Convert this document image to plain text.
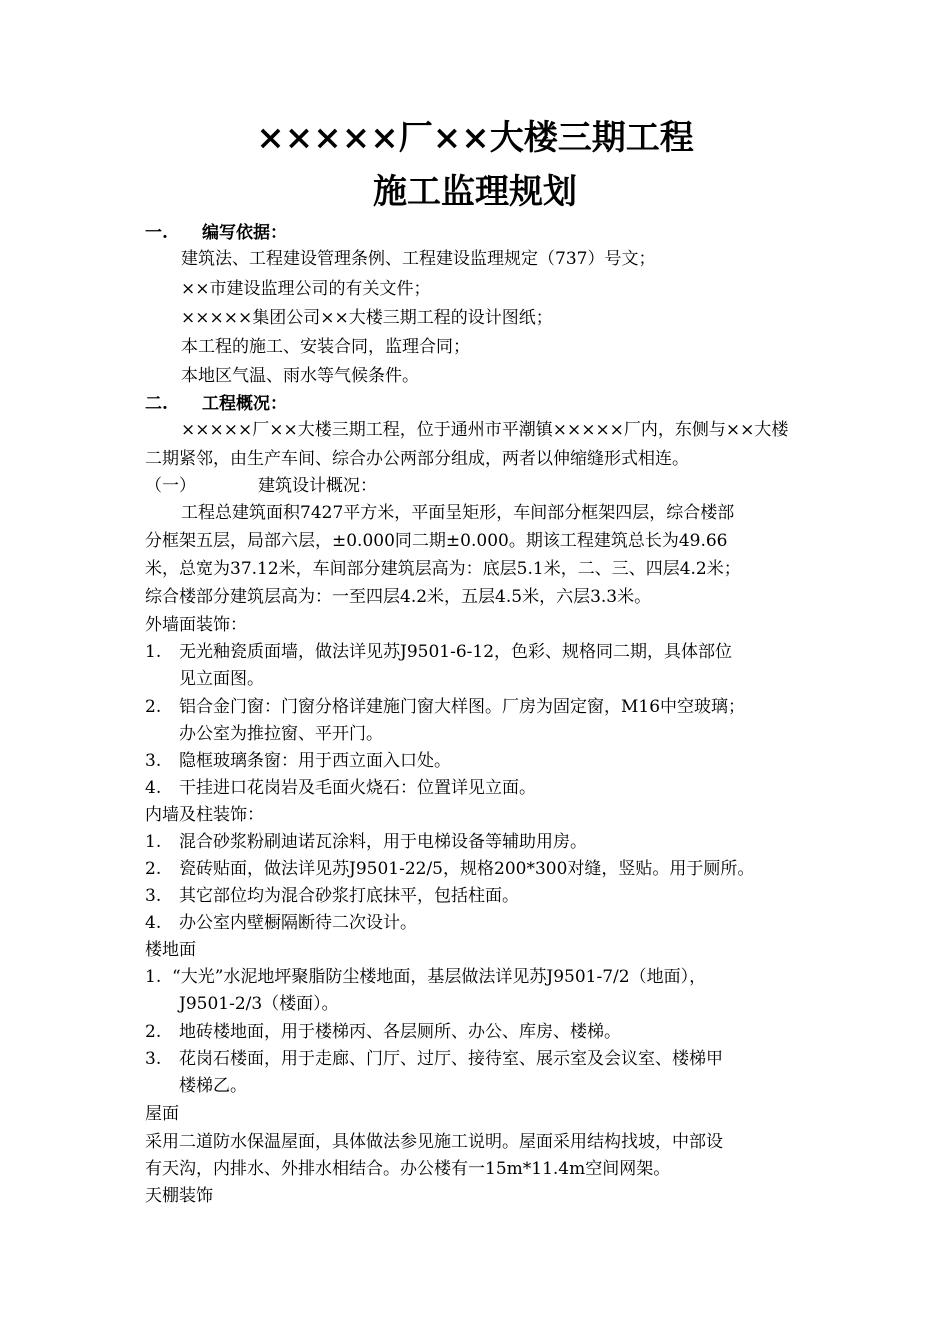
×××××厂××大楼三期工程
施工监理规划
一. 编写依据：
建筑法、工程建设管理条例、工程建设监理规定（737）号文；
××市建设监理公司的有关文件；
×××××集团公司××大楼三期工程的设计图纸；
本工程的施工、安装合同，监理合同；
本地区气温、雨水等气候条件。
二. 工程概况：
×××××厂××大楼三期工程，位于通州市平潮镇×××××厂内，东侧与××大楼
二期紧邻，由生产车间、综合办公两部分组成，两者以伸缩缝形式相连。
（一）	建筑设计概况：
工程总建筑面积7427平方米，平面呈矩形，车间部分框架四层，综合楼部
分框架五层，局部六层，±0.000同二期±0.000。期该工程建筑总长为49.66
米，总宽为37.12米，车间部分建筑层高为：底层5.1米，二、三、四层4.2米；
综合楼部分建筑层高为：一至四层4.2米，五层4.5米，六层3.3米。
外墙面装饰：
1. 无光釉瓷质面墙，做法详见苏J9501-6-12，色彩、规格同二期，具体部位
见立面图。
2. 铝合金门窗：门窗分格详建施门窗大样图。厂房为固定窗，M16中空玻璃；
办公室为推拉窗、平开门。
3. 隐框玻璃条窗：用于西立面入口处。
4. 干挂进口花岗岩及毛面火烧石：位置详见立面。
内墙及柱装饰：
1. 混合砂浆粉刷迪诺瓦涂料，用于电梯设备等辅助用房。
2. 瓷砖贴面，做法详见苏J9501-22/5，规格200*300对缝，竖贴。用于厕所。
3. 其它部位均为混合砂浆打底抹平，包括柱面。
4. 办公室内壁橱隔断待二次设计。
楼地面
1. “大光”水泥地坪聚脂防尘楼地面，基层做法详见苏J9501-7/2（地面），
J9501-2/3（楼面）。
2. 地砖楼地面，用于楼梯丙、各层厕所、办公、库房、楼梯。
3. 花岗石楼面，用于走廊、门厅、过厅、接待室、展示室及会议室、楼梯甲
楼梯乙。
屋面
采用二道防水保温屋面，具体做法参见施工说明。屋面采用结构找坡，中部设
有天沟，内排水、外排水相结合。办公楼有一15m*11.4m空间网架。
天棚装饰
